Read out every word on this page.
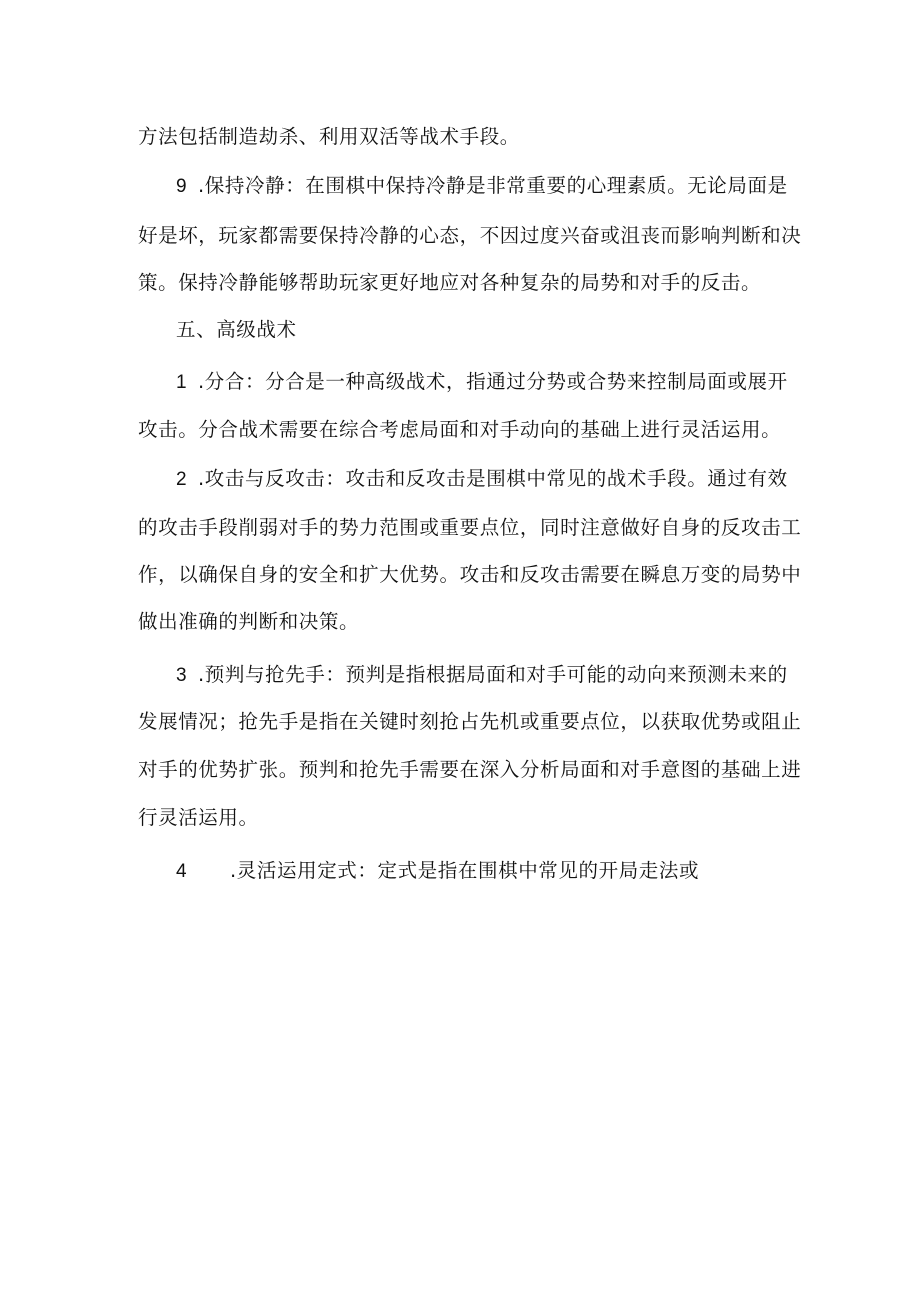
方法包括制造劫杀、利用双活等战术手段。
9 .保持冷静：在围棋中保持冷静是非常重要的心理素质。无论局面是
好是坏，玩家都需要保持冷静的心态，不因过度兴奋或沮丧而影响判断和决
策。保持冷静能够帮助玩家更好地应对各种复杂的局势和对手的反击。
五、高级战术
1 .分合：分合是一种高级战术，指通过分势或合势来控制局面或展开
攻击。分合战术需要在综合考虑局面和对手动向的基础上进行灵活运用。
2 .攻击与反攻击：攻击和反攻击是围棋中常见的战术手段。通过有效
的攻击手段削弱对手的势力范围或重要点位，同时注意做好自身的反攻击工
作，以确保自身的安全和扩大优势。攻击和反攻击需要在瞬息万变的局势中
做出准确的判断和决策。
3 .预判与抢先手：预判是指根据局面和对手可能的动向来预测未来的
发展情况；抢先手是指在关键时刻抢占先机或重要点位，以获取优势或阻止
对手的优势扩张。预判和抢先手需要在深入分析局面和对手意图的基础上进
行灵活运用。
4 .灵活运用定式：定式是指在围棋中常见的开局走法或
